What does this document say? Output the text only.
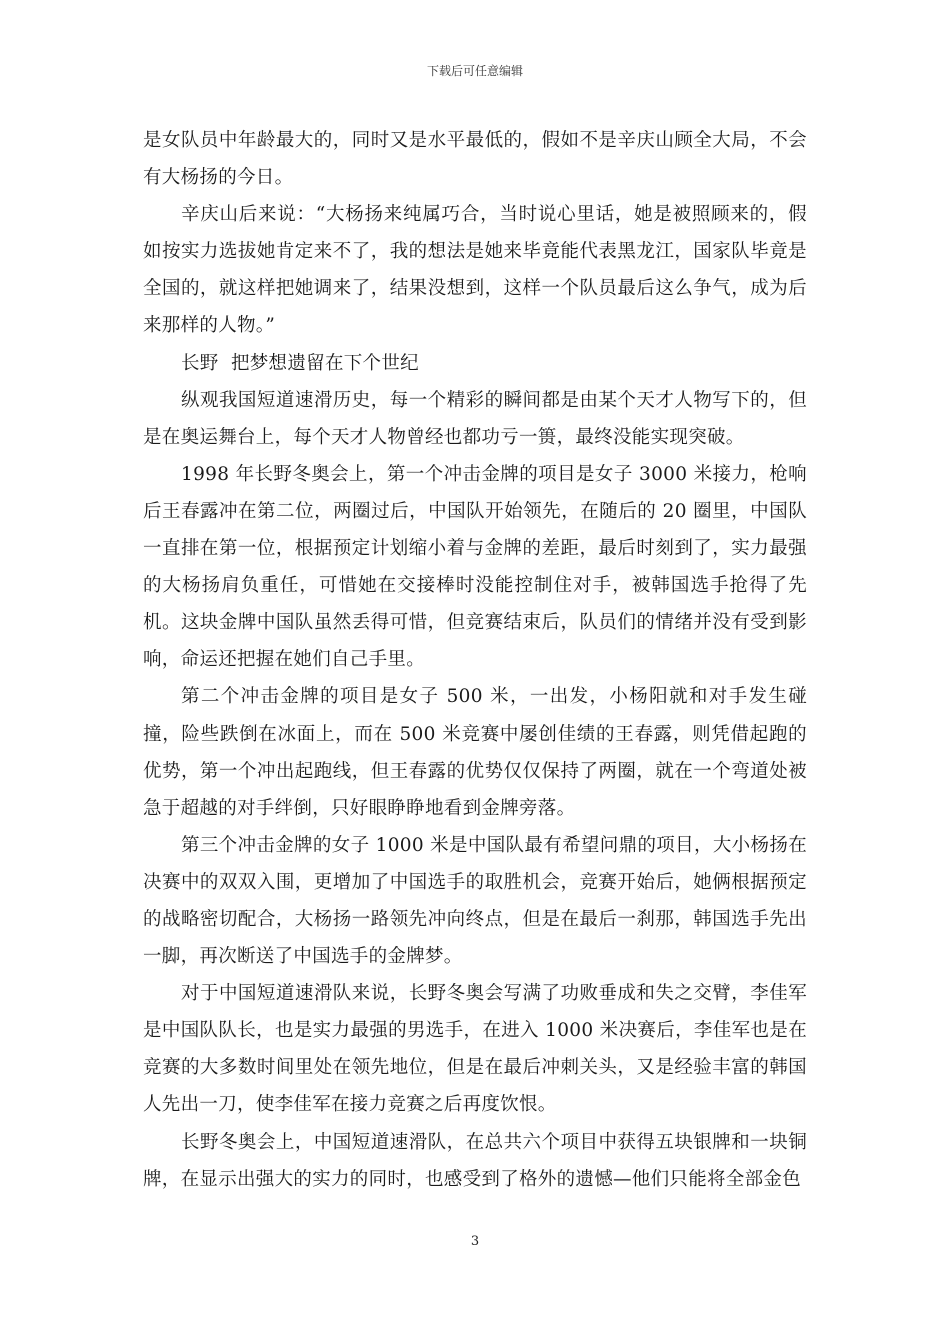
下载后可任意编辑

是女队员中年龄最大的，同时又是水平最低的，假如不是辛庆山顾全大局，不会有大杨扬的今日。

辛庆山后来说：“大杨扬来纯属巧合，当时说心里话，她是被照顾来的，假如按实力选拔她肯定来不了，我的想法是她来毕竟能代表黑龙江，国家队毕竟是全国的，就这样把她调来了，结果没想到，这样一个队员最后这么争气，成为后来那样的人物。”

长野  把梦想遗留在下个世纪

纵观我国短道速滑历史，每一个精彩的瞬间都是由某个天才人物写下的，但是在奥运舞台上，每个天才人物曾经也都功亏一篑，最终没能实现突破。

1998 年长野冬奥会上，第一个冲击金牌的项目是女子 3000 米接力，枪响后王春露冲在第二位，两圈过后，中国队开始领先，在随后的 20 圈里，中国队一直排在第一位，根据预定计划缩小着与金牌的差距，最后时刻到了，实力最强的大杨扬肩负重任，可惜她在交接棒时没能控制住对手，被韩国选手抢得了先机。这块金牌中国队虽然丢得可惜，但竞赛结束后，队员们的情绪并没有受到影响，命运还把握在她们自己手里。

第二个冲击金牌的项目是女子 500 米，一出发，小杨阳就和对手发生碰撞，险些跌倒在冰面上，而在 500 米竞赛中屡创佳绩的王春露，则凭借起跑的优势，第一个冲出起跑线，但王春露的优势仅仅保持了两圈，就在一个弯道处被急于超越的对手绊倒，只好眼睁睁地看到金牌旁落。

第三个冲击金牌的女子 1000 米是中国队最有希望问鼎的项目，大小杨扬在决赛中的双双入围，更增加了中国选手的取胜机会，竞赛开始后，她俩根据预定的战略密切配合，大杨扬一路领先冲向终点，但是在最后一刹那，韩国选手先出一脚，再次断送了中国选手的金牌梦。

对于中国短道速滑队来说，长野冬奥会写满了功败垂成和失之交臂，李佳军是中国队队长，也是实力最强的男选手，在进入 1000 米决赛后，李佳军也是在竞赛的大多数时间里处在领先地位，但是在最后冲刺关头，又是经验丰富的韩国人先出一刀，使李佳军在接力竞赛之后再度饮恨。

长野冬奥会上，中国短道速滑队，在总共六个项目中获得五块银牌和一块铜牌，在显示出强大的实力的同时，也感受到了格外的遗憾—他们只能将全部金色

3
